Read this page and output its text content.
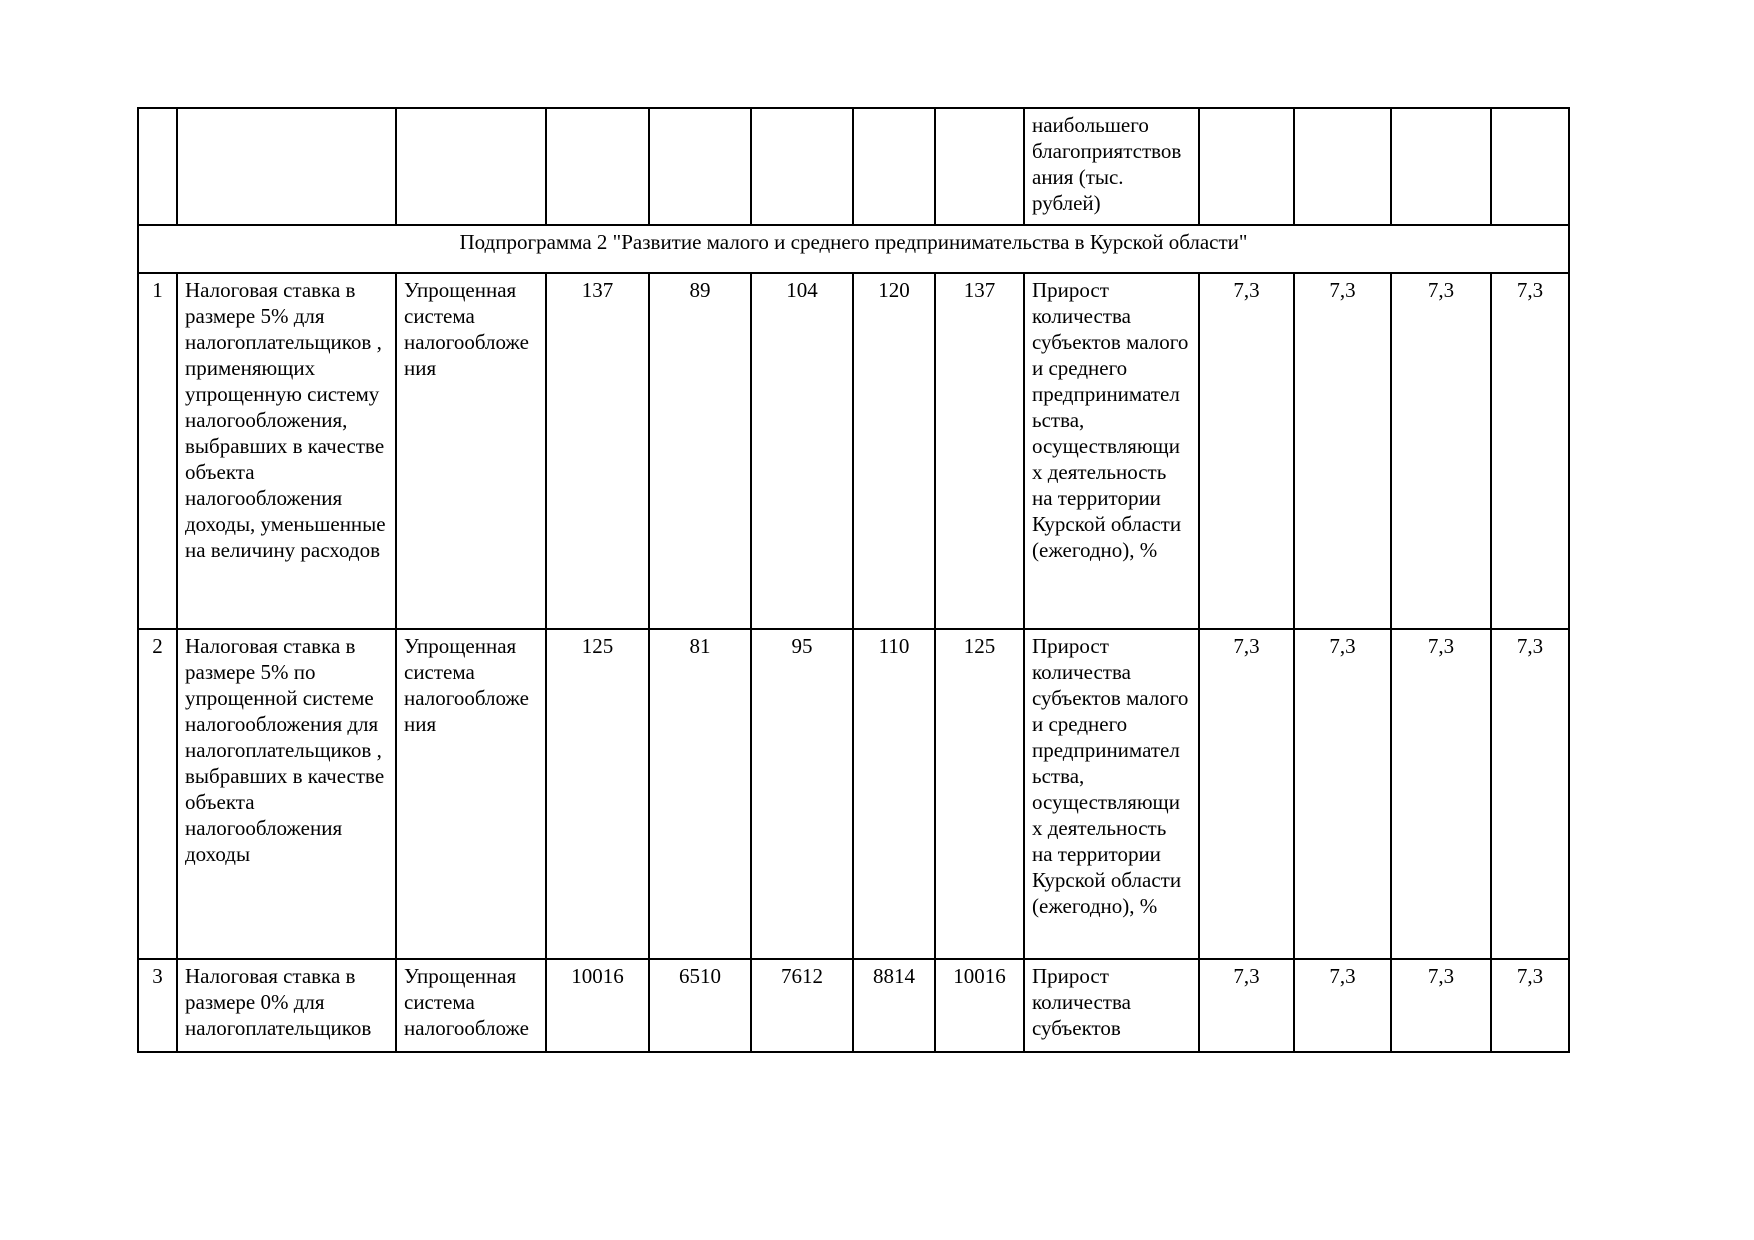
								наибольшего благоприятствов ания (тыс. рублей)				
Подпрограмма 2 "Развитие малого и среднего предпринимательства в Курской области"												
1	Налоговая ставка в размере 5% для налогоплательщиков , применяющих упрощенную систему налогообложения, выбравших в качестве объекта налогообложения доходы, уменьшенные на величину расходов	Упрощенная система налогообложе ния	137	89	104	120	137	Прирост количества субъектов малого и среднего предпринимател ьства, осуществляющи х деятельность на территории Курской области (ежегодно), %	7,3	7,3	7,3	7,3
2	Налоговая ставка в размере 5% по упрощенной системе налогообложения для налогоплательщиков , выбравших в качестве объекта налогообложения доходы	Упрощенная система налогообложе ния	125	81	95	110	125	Прирост количества субъектов малого и среднего предпринимател ьства, осуществляющи х деятельность на территории Курской области (ежегодно), %	7,3	7,3	7,3	7,3
3	Налоговая ставка в размере 0% для налогоплательщиков	Упрощенная система налогообложе	10016	6510	7612	8814	10016	Прирост количества субъектов	7,3	7,3	7,3	7,3
